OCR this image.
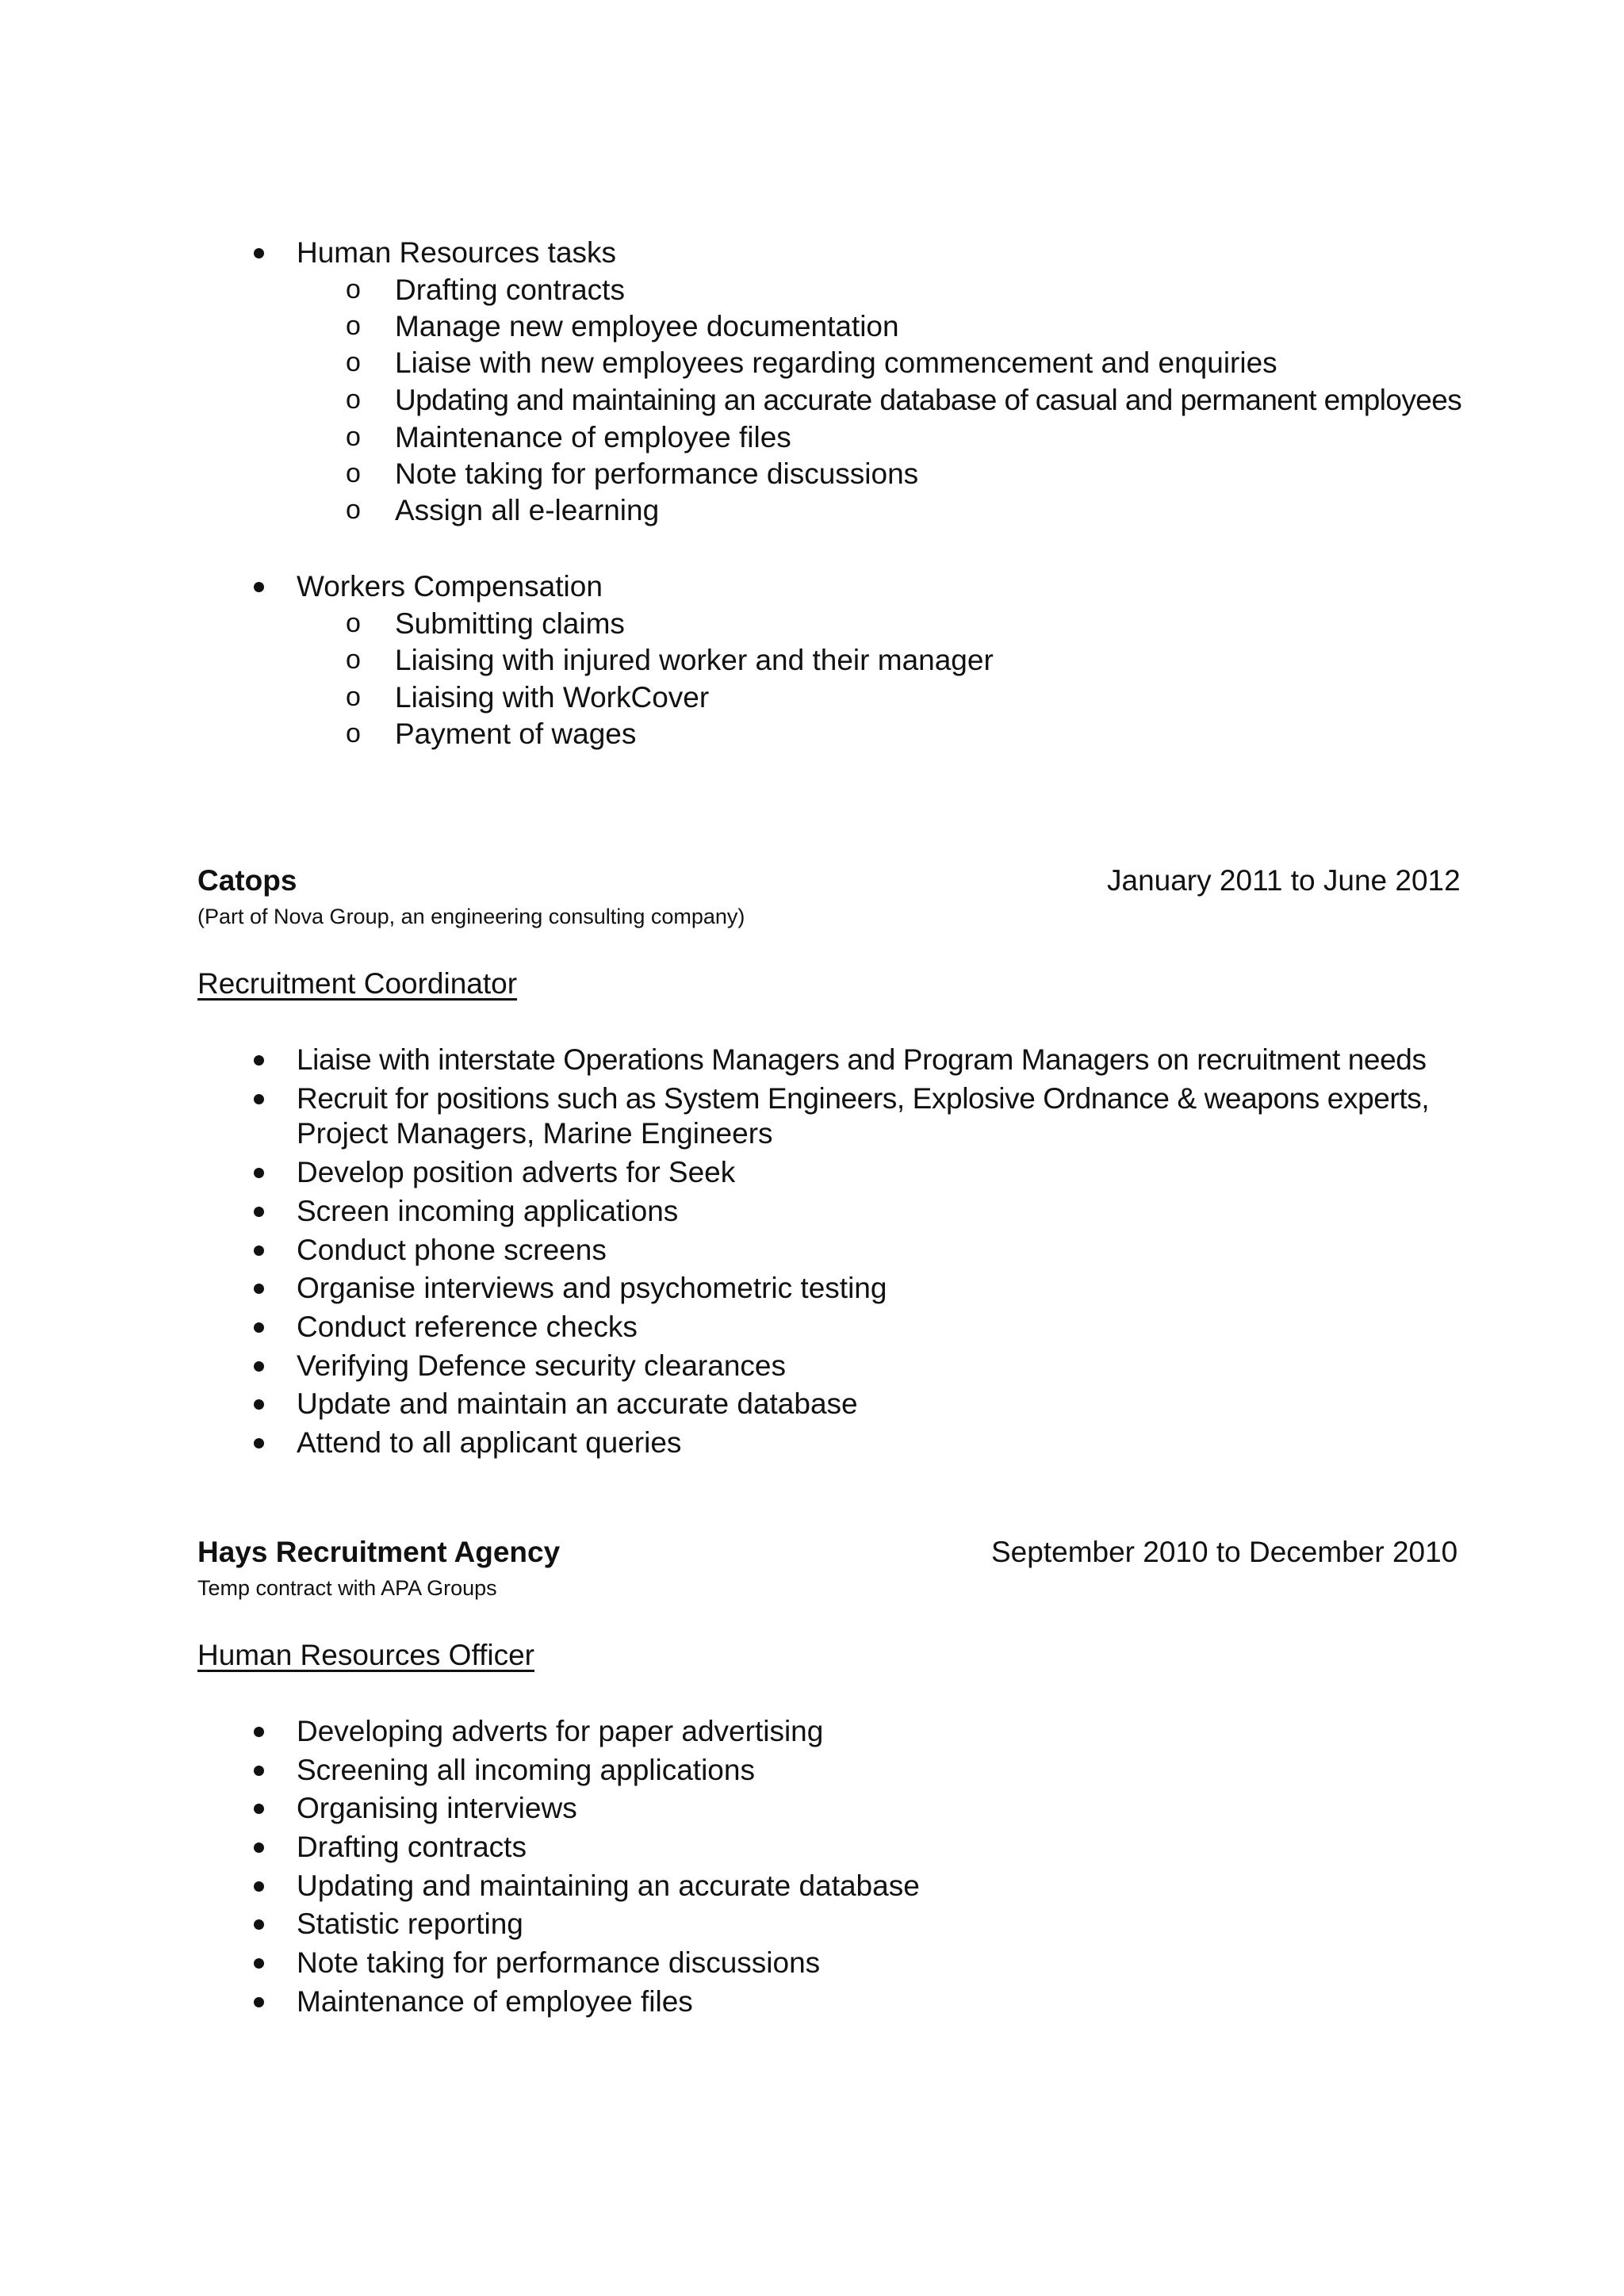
Human Resources tasks
o Drafting contracts
o Manage new employee documentation
o Liaise with new employees regarding commencement and enquiries
o Updating and maintaining an accurate database of casual and permanent employees
o Maintenance of employee files
o Note taking for performance discussions
o Assign all e-learning
Workers Compensation
o Submitting claims
o Liaising with injured worker and their manager
o Liaising with WorkCover
o Payment of wages
Catops	January 2011 to June 2012
(Part of Nova Group, an engineering consulting company)
Recruitment Coordinator
Liaise with interstate Operations Managers and Program Managers on recruitment needs
Recruit for positions such as System Engineers, Explosive Ordnance & weapons experts,
Project Managers, Marine Engineers
Develop position adverts for Seek
Screen incoming applications
Conduct phone screens
Organise interviews and psychometric testing
Conduct reference checks
Verifying Defence security clearances
Update and maintain an accurate database
Attend to all applicant queries
Hays Recruitment Agency	September 2010 to December 2010
Temp contract with APA Groups
Human Resources Officer
Developing adverts for paper advertising
Screening all incoming applications
Organising interviews
Drafting contracts
Updating and maintaining an accurate database
Statistic reporting
Note taking for performance discussions
Maintenance of employee files
